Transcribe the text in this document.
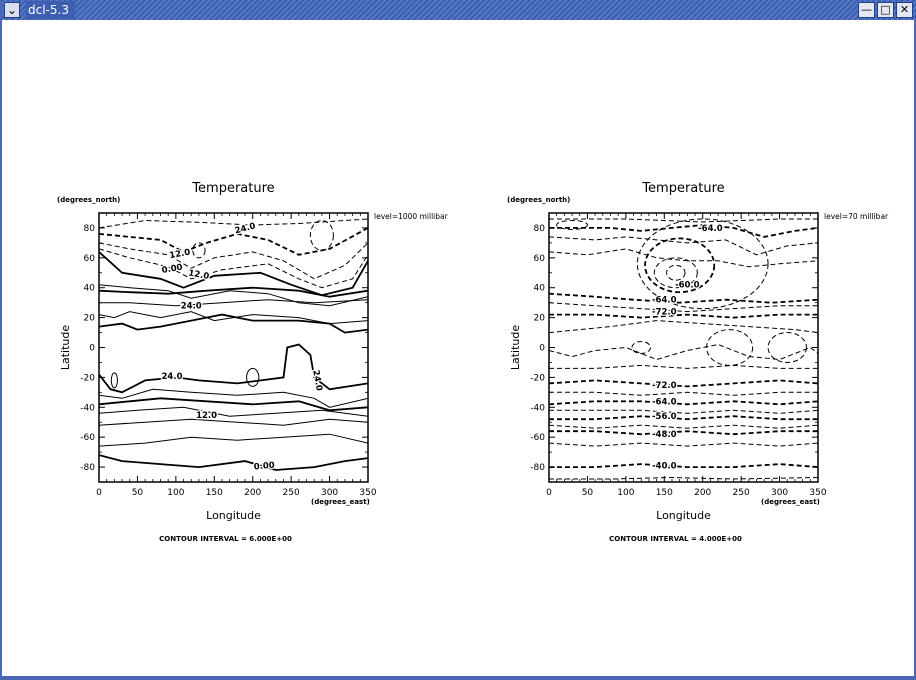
⌄ dcl-5.3	— □ ✕
24.0
12.0
0.00 12.0
24.0
24.0	24.0
12.0
0.00
0	50	100 150 200 250 300 350
-80
-60
-40
-20
0
20
40
60
80
Temperature
(degrees_north)
level=1000 millibar
(degrees_east)
Longitude
Latitude
CONTOUR INTERVAL = 6.000E+00
-64.0
-60.0
-64.0
-72.0
-72.0
-64.0
-56.0
-48.0
-40.0
0	50	100 150 200 250 300 350
-80
-60
-40
-20
0
20
40
60
80
Temperature
(degrees_north)
level=70 millibar
(degrees_east)
Longitude
Latitude
CONTOUR INTERVAL = 4.000E+00
